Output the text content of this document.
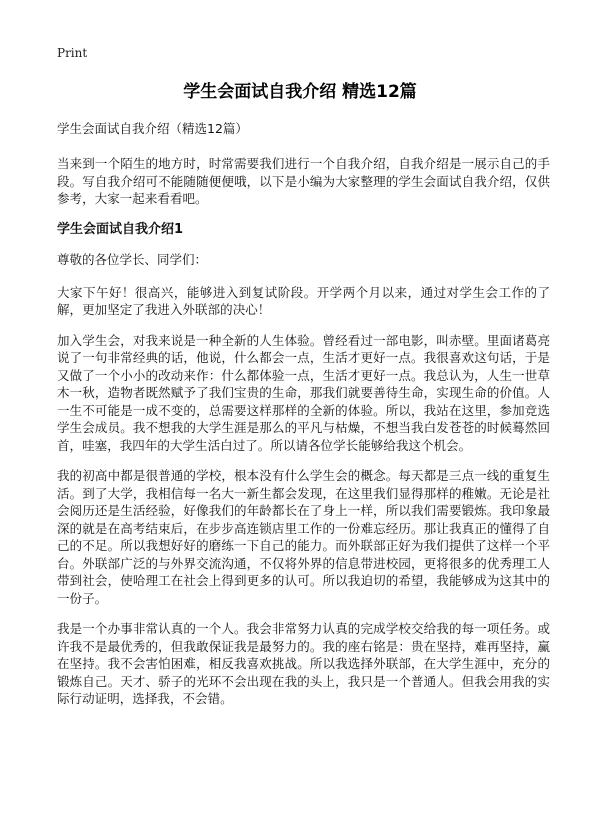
Print
学生会面试自我介绍 精选12篇
学生会面试自我介绍（精选12篇）

当来到一个陌生的地方时，时常需要我们进行一个自我介绍，自我介绍是一展示自己的手段。写自我介绍可不能随随便便哦，以下是小编为大家整理的学生会面试自我介绍，仅供参考，大家一起来看看吧。

学生会面试自我介绍1
尊敬的各位学长、同学们：

大家下午好！很高兴，能够进入到复试阶段。开学两个月以来，通过对学生会工作的了解，更加坚定了我进入外联部的决心！

加入学生会，对我来说是一种全新的人生体验。曾经看过一部电影，叫赤壁。里面诸葛亮说了一句非常经典的话，他说，什么都会一点，生活才更好一点。我很喜欢这句话，于是又做了一个小小的改动来作：什么都体验一点，生活才更好一点。我总认为，人生一世草木一秋，造物者既然赋予了我们宝贵的生命，那我们就要善待生命，实现生命的价值。人一生不可能是一成不变的，总需要这样那样的全新的体验。所以，我站在这里，参加竞选学生会成员。我不想我的大学生涯是那么的平凡与枯燥，不想当我白发苍苍的时候蓦然回首，哇塞，我四年的大学生活白过了。所以请各位学长能够给我这个机会。

我的初高中都是很普通的学校，根本没有什么学生会的概念。每天都是三点一线的重复生活。到了大学，我相信每一名大一新生都会发现，在这里我们显得那样的稚嫩。无论是社会阅历还是生活经验，好像我们的年龄都长在了身上一样，所以我们需要锻炼。我印象最深的就是在高考结束后，在步步高连锁店里工作的一份难忘经历。那让我真正的懂得了自己的不足。所以我想好好的磨练一下自己的能力。而外联部正好为我们提供了这样一个平台。外联部广泛的与外界交流沟通，不仅将外界的信息带进校园，更将很多的优秀理工人带到社会，使哈理工在社会上得到更多的认可。所以我迫切的希望，我能够成为这其中的一份子。

我是一个办事非常认真的一个人。我会非常努力认真的完成学校交给我的每一项任务。或许我不是最优秀的，但我敢保证我是最努力的。我的座右铭是：贵在坚持，难再坚持，赢在坚持。我不会害怕困难，相反我喜欢挑战。所以我选择外联部，在大学生涯中，充分的锻炼自己。天才、骄子的光环不会出现在我的头上，我只是一个普通人。但我会用我的实际行动证明，选择我，不会错。
